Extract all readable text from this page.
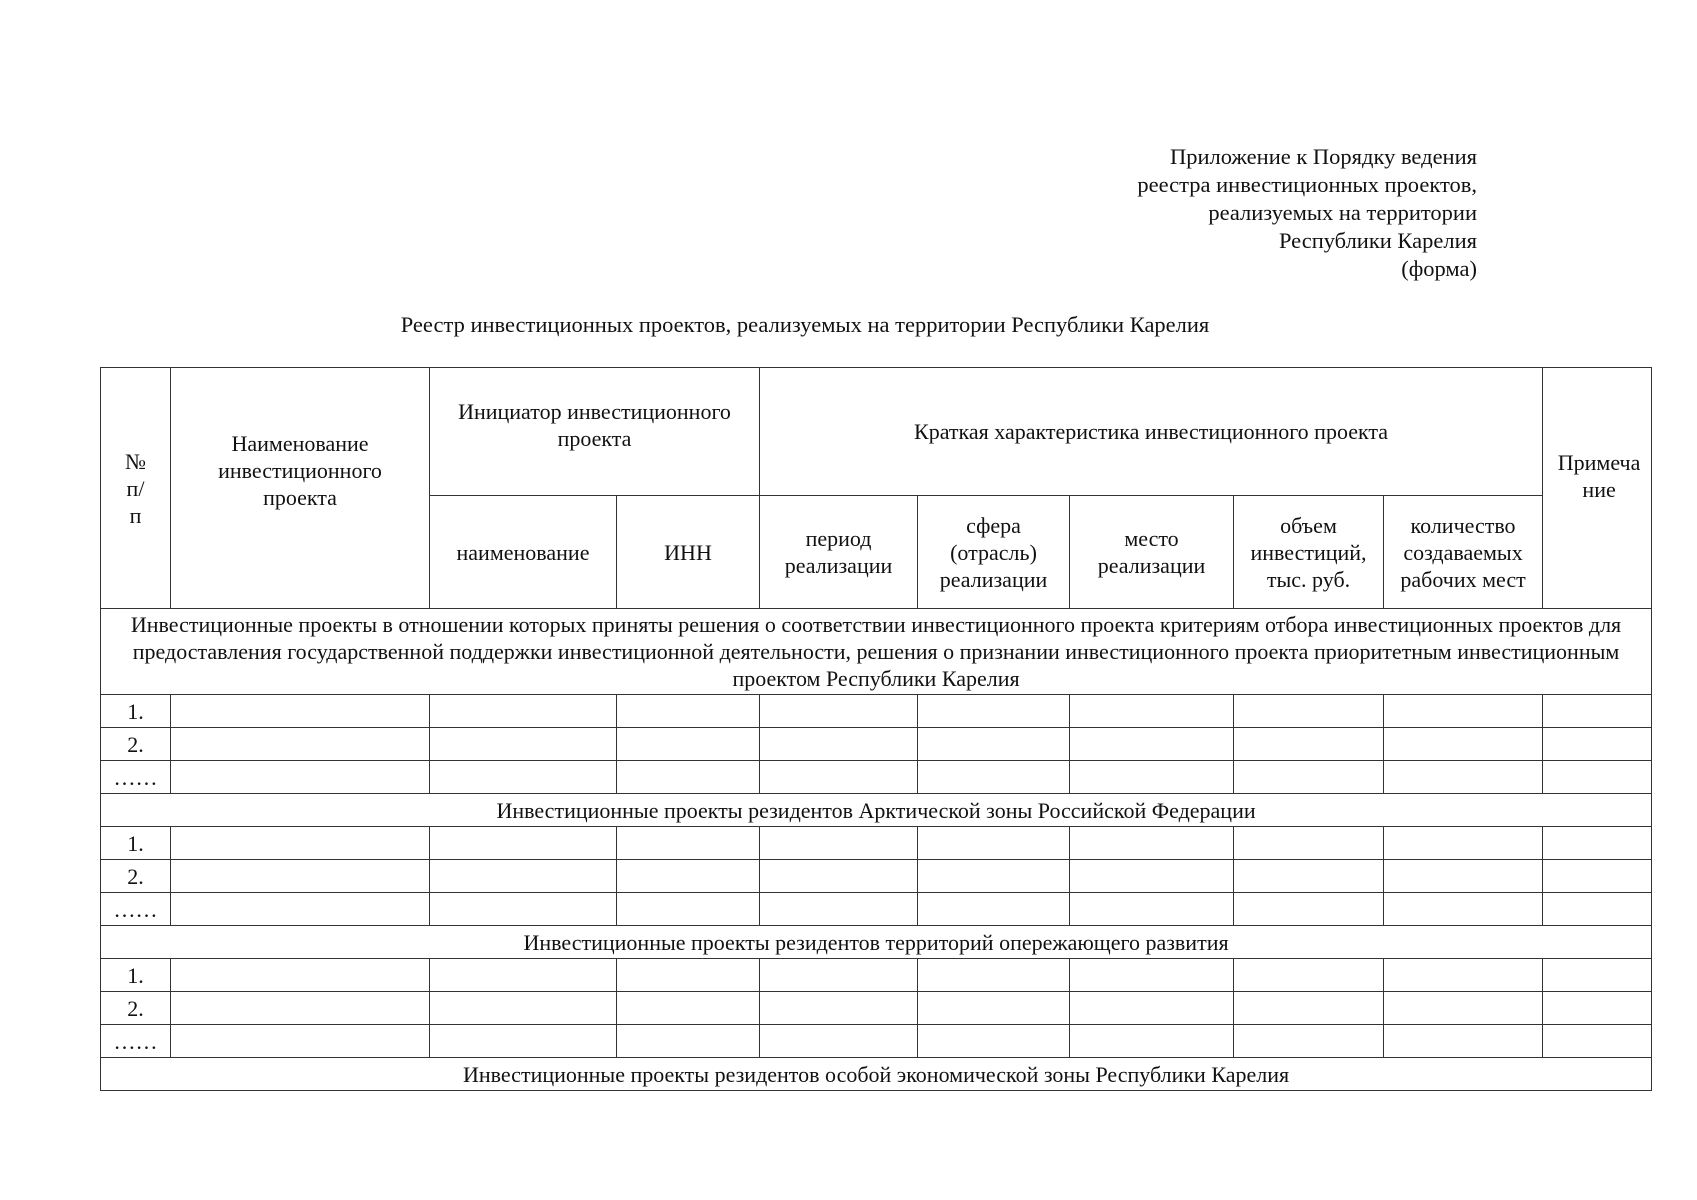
Приложение к Порядку ведения
реестра инвестиционных проектов,
реализуемых на территории
Республики Карелия
(форма)
Реестр инвестиционных проектов, реализуемых на территории Республики Карелия
№ п/п	Наименование инвестиционного проекта	Инициатор инвестиционного проекта		Краткая характеристика инвестиционного проекта					Примечание
		наименование	ИНН	период реализации	сфера (отрасль) реализации	место реализации	объем инвестиций, тыс. руб.	количество создаваемых рабочих мест	
Инвестиционные проекты в отношении которых приняты решения о соответствии инвестиционного проекта критериям отбора инвестиционных проектов для предоставления государственной поддержки инвестиционной деятельности, решения о признании инвестиционного проекта приоритетным инвестиционным проектом Республики Карелия									
1.									
2.									
……									
Инвестиционные проекты резидентов Арктической зоны Российской Федерации									
1.									
2.									
……									
Инвестиционные проекты резидентов территорий опережающего развития									
1.									
2.									
……									
Инвестиционные проекты резидентов особой экономической зоны Республики Карелия									
